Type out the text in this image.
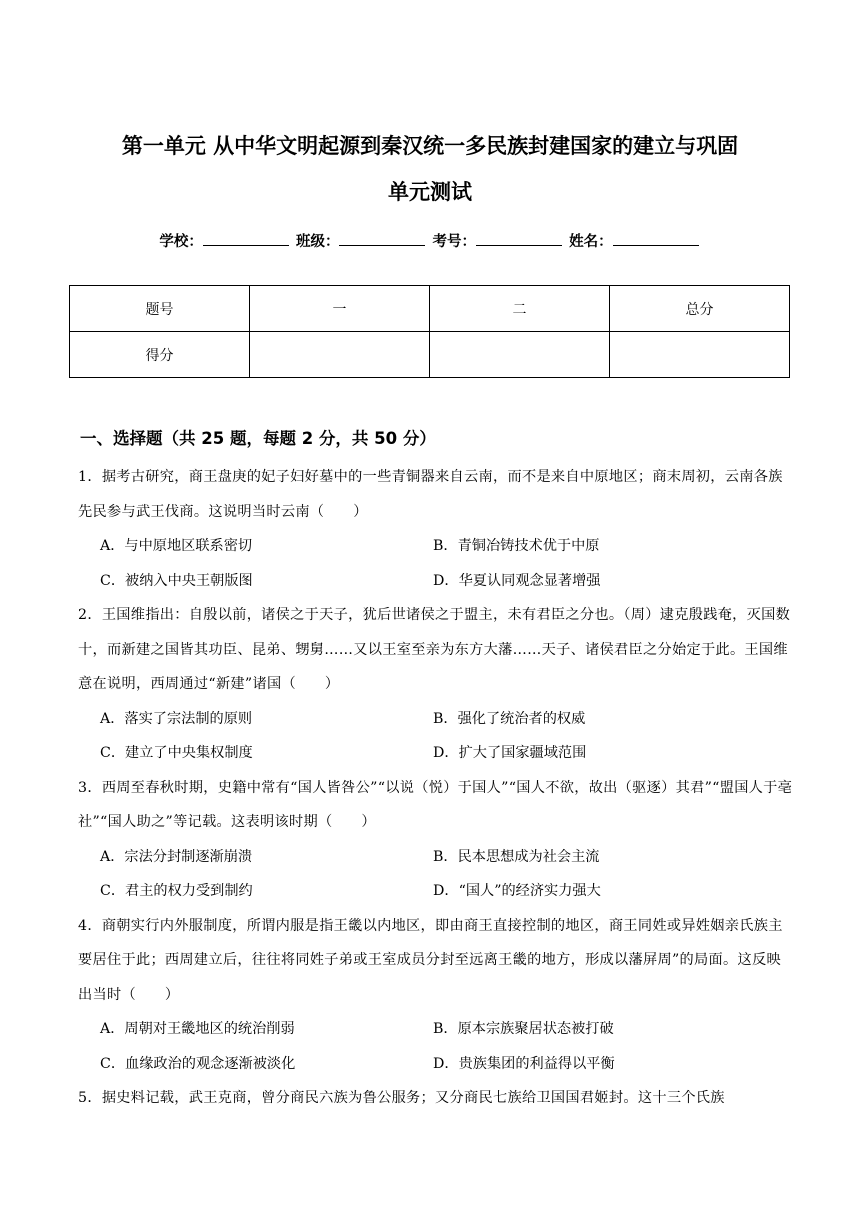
第一单元 从中华文明起源到秦汉统一多民族封建国家的建立与巩固
单元测试
学校：	班级：	考号：	姓名：
题号	一	二	总分
得分			
一、选择题（共 25 题，每题 2 分，共 50 分）

1．据考古研究，商王盘庚的妃子妇好墓中的一些青铜器来自云南，而不是来自中原地区；商末周初，云南各族先民参与武王伐商。这说明当时云南（　　）

A．与中原地区联系密切	B．青铜冶铸技术优于中原

C．被纳入中央王朝版图	D．华夏认同观念显著增强

2．王国维指出：自殷以前，诸侯之于天子，犹后世诸侯之于盟主，未有君臣之分也。（周）逮克殷践奄，灭国数十，而新建之国皆其功臣、昆弟、甥舅……又以王室至亲为东方大藩……天子、诸侯君臣之分始定于此。王国维意在说明，西周通过“新建”诸国（　　）

A．落实了宗法制的原则	B．强化了统治者的权威

C．建立了中央集权制度	D．扩大了国家疆域范围

3．西周至春秋时期，史籍中常有“国人皆咎公”“以说（悦）于国人”“国人不欲，故出（驱逐）其君”“盟国人于亳社”“国人助之”等记载。这表明该时期（　　）

A．宗法分封制逐渐崩溃	B．民本思想成为社会主流

C．君主的权力受到制约	D．“国人”的经济实力强大

4．商朝实行内外服制度，所谓内服是指王畿以内地区，即由商王直接控制的地区，商王同姓或异姓姻亲氏族主要居住于此；西周建立后，往往将同姓子弟或王室成员分封至远离王畿的地方，形成以藩屏周”的局面。这反映出当时（　　）

A．周朝对王畿地区的统治削弱	B．原本宗族聚居状态被打破

C．血缘政治的观念逐渐被淡化	D．贵族集团的利益得以平衡

5．据史料记载，武王克商，曾分商民六族为鲁公服务；又分商民七族给卫国国君姬封。这十三个氏族
